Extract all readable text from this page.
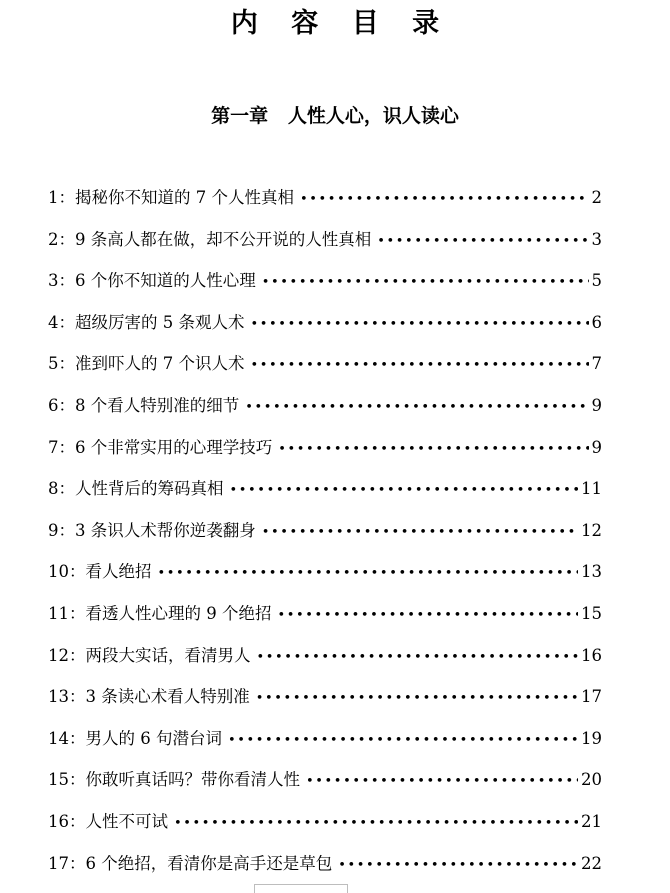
内 容 目 录
第一章   人性人心，识人读心
1：揭秘你不知道的 7 个人性真相 •••••	2
2：9 条高人都在做，却不公开说的人性真相 •••••	3
3：6 个你不知道的人性心理 •••••	5
4：超级厉害的 5 条观人术 •••••	6
5：准到吓人的 7 个识人术 •••••	7
6：8 个看人特别准的细节 •••••	9
7：6 个非常实用的心理学技巧 •••••	9
8：人性背后的筹码真相 •••••	11
9：3 条识人术帮你逆袭翻身 •••••	12
10：看人绝招 •••••	13
11：看透人性心理的 9 个绝招 •••••	15
12：两段大实话，看清男人 •••••	16
13：3 条读心术看人特别准 •••••	17
14：男人的 6 句潜台词 •••••	19
15：你敢听真话吗？带你看清人性 •••••	20
16：人性不可试 •••••	21
17：6 个绝招，看清你是高手还是草包 •••••	22
